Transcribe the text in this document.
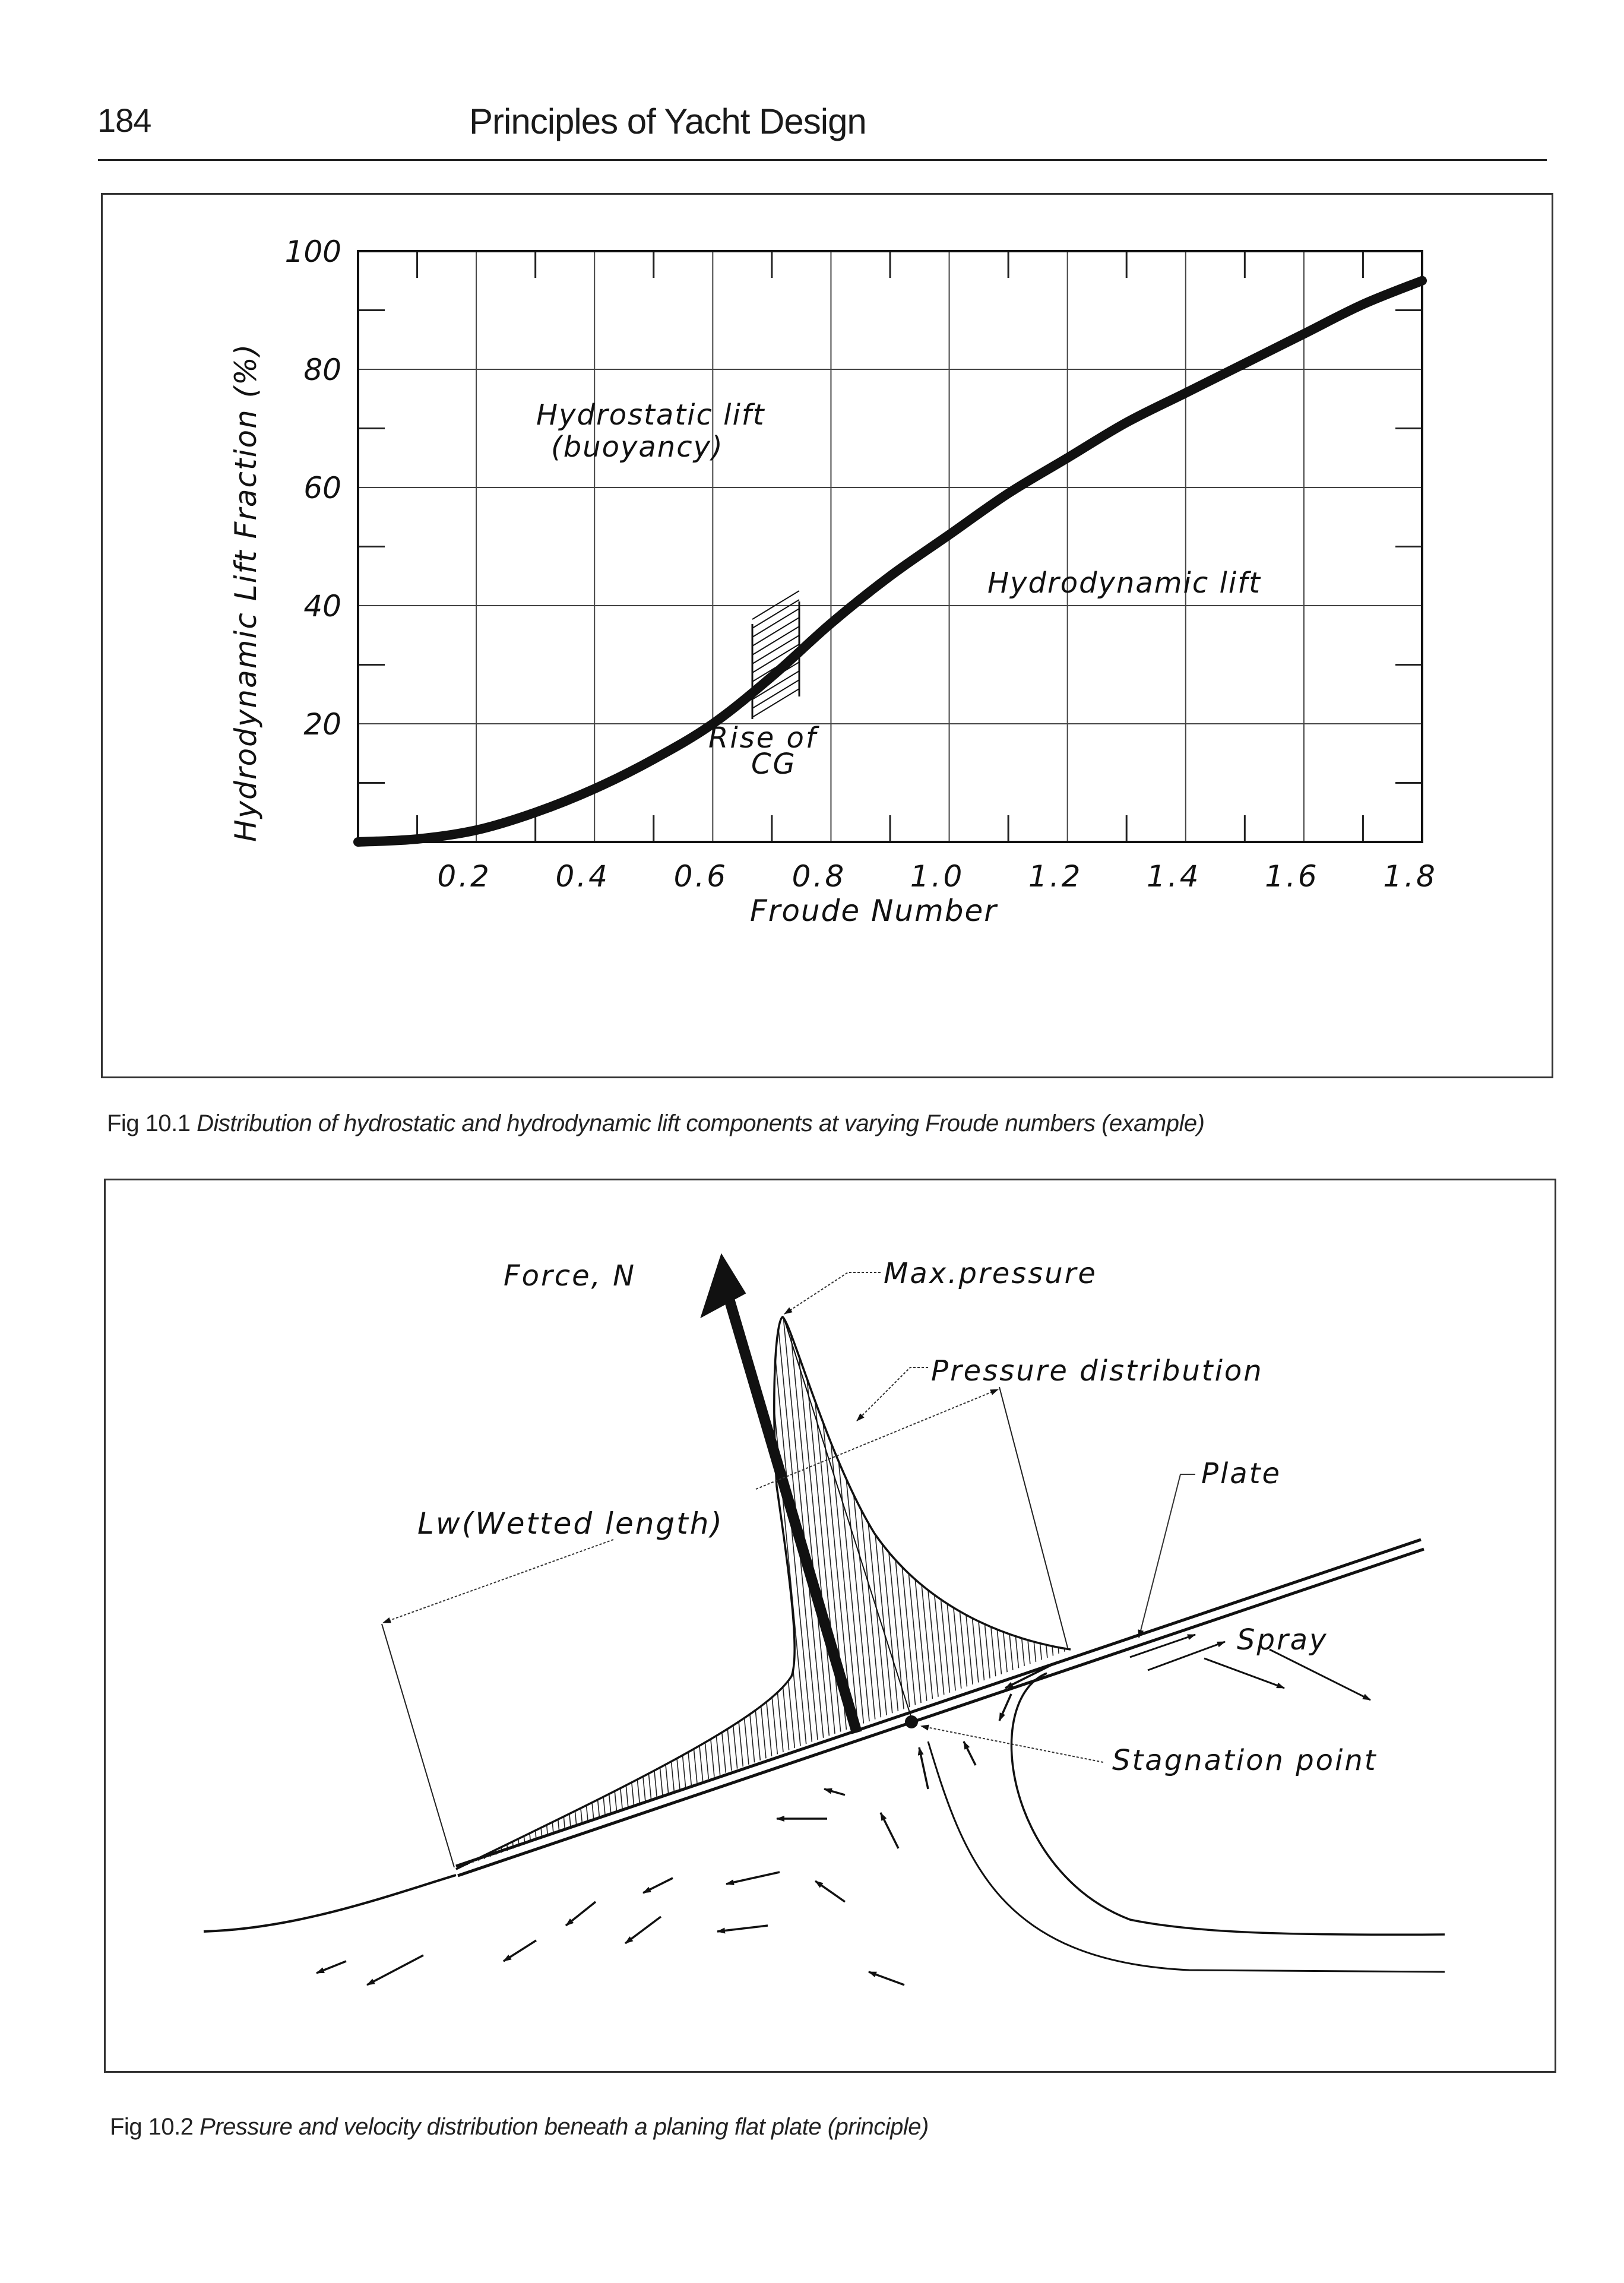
184	Principles of Yacht Design
100
80
60
40
20
0.2 0.4 0.6 0.8 1.0 1.2 1.4 1.6 1.8
Hydrodynamic Lift Fraction (%)
Froude Number
Hydrostatic lift
(buoyancy)
Hydrodynamic lift
Rise of
CG
Fig 10.1 Distribution of hydrostatic and hydrodynamic lift components at varying Froude numbers (example)
Force, N	Max.pressure
Pressure distribution
Plate
Lw(Wetted length)
Stagnation point
Spray
Fig 10.2 Pressure and velocity distribution beneath a planing flat plate (principle)
